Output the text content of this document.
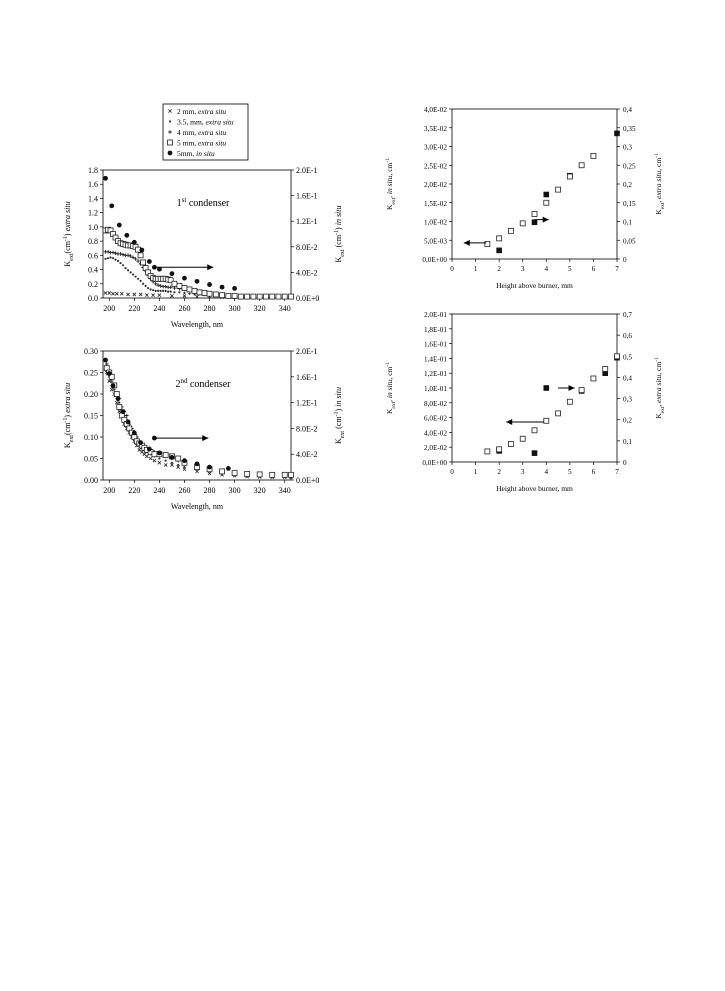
2 mm, extra situ
3.5, mm, extra situ
4 mm, extra situ
5 mm, extra situ
5mm, in situ
0.0
0.2
0.4
0.6
0.8
1.0
1.2
1.4
1.6
1.8
0.0E+0
4.0E-2
8.0E-2
1.2E-1
1.6E-1
2.0E-1
200 220 240 260 280 300 320 340
Wavelength, nm
$K_{ext}(cm^{-1})$ extra situ
$K_{ext}$ $(cm^{-1})$ in situ
1st condenser
0.00
0.05
0.10
0.15
0.20
0.25
0.30
0.0E+0
4.0E-2
8.0E-2
1.2E-1
1.6E-1
2.0E-1
200 220 240 260 280 300 320 340
Wavelength, nm
$K_{ext}(cm^{-1})$ extra situ
$K_{ext}$ $(cm^{-1})$ in situ
2nd condenser
0,0E+00
5,0E-03
1,0E-02
1,5E-02
2,0E-02
2,5E-02
3,0E-02
3,5E-02
4,0E-02
0
0,05
0,1
0,15
0,2
0,25
0,3
0,35
0,4
0	1	2	3	4	5	6	7
Height above burner, mm
$K_{ext}$, in situ, $cm^{-1}$
$K_{ext}$, extra situ, $cm^{-1}$
0,0E+00
2,0E-02
4,0E-02
6,0E-02
8,0E-02
1,0E-01
1,2E-01
1,4E-01
1,6E-01
1,8E-01
2,0E-01
0
0,1
0,2
0,3
0,4
0,5
0,6
0,7
0	1	2	3	4	5	6	7
Height above burner, mm
$K_{ext}$, in situ, $cm^{-1}$
$K_{ext}$, extra situ, $cm^{-1}$
